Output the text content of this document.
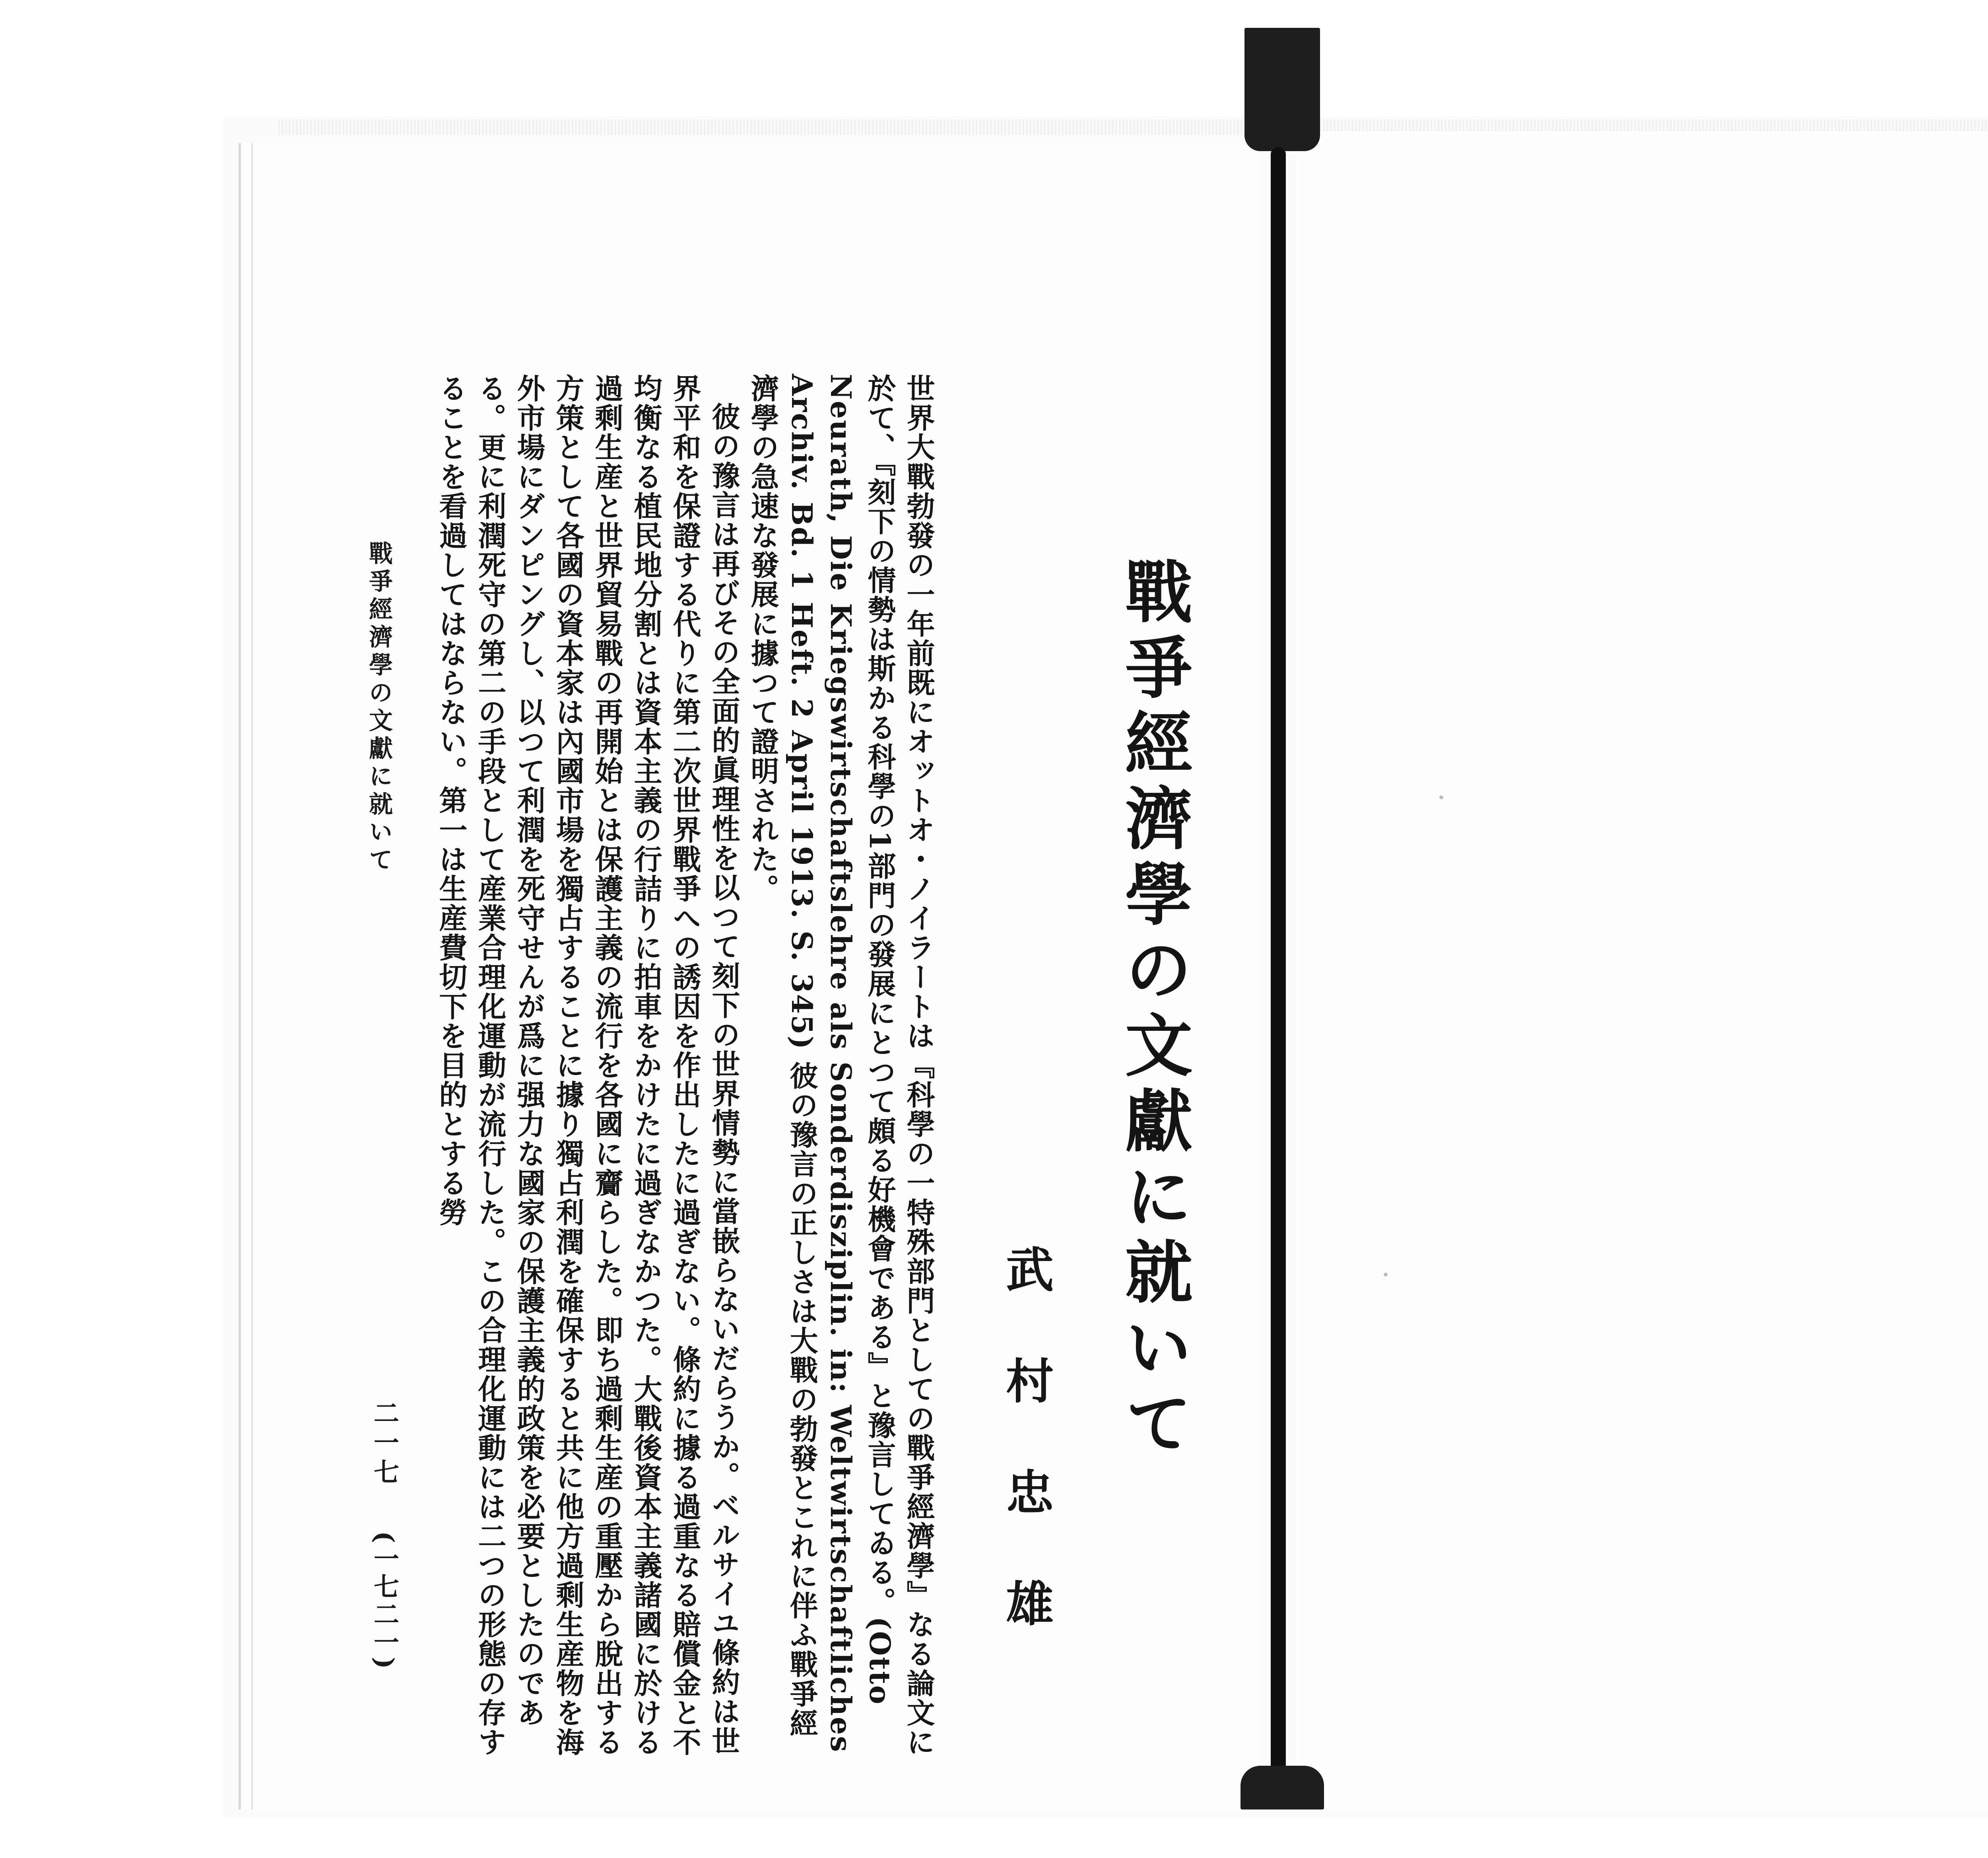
戰爭經濟學の文獻に就いて
武村忠雄

世界大戰勃發の一年前既にオットオ・ノイラートは『科學の一特殊部門としての戰爭經濟學』なる論文に於て、『刻下の情勢は斯かる科學の1部門の發展にとつて頗る好機會である』と豫言してゐる。(Otto Neurath, Die Kriegswirtschaftslehre als Sonderdisziplin. in: Weltwirtschaftliches Archiv. Bd. 1 Heft. 2 April 1913. S. 345) 彼の豫言の正しさは大戰の勃發とこれに伴ふ戰爭經濟學の急速な發展に據つて證明された。

彼の豫言は再びその全面的眞理性を以つて刻下の世界情勢に當嵌らないだらうか。ベルサイユ條約は世界平和を保證する代りに第二次世界戰爭への誘因を作出したに過ぎない。條約に據る過重なる賠償金と不均衡なる植民地分割とは資本主義の行詰りに拍車をかけたに過ぎなかつた。大戰後資本主義諸國に於ける過剩生産と世界貿易戰の再開始とは保護主義の流行を各國に齎らした。即ち過剩生産の重壓から脫出する方策として各國の資本家は內國市場を獨占することに據り獨占利潤を確保すると共に他方過剩生産物を海外市場にダンピングし、以つて利潤を死守せんが爲に强力な國家の保護主義的政策を必要としたのである。更に利潤死守の第二の手段として産業合理化運動が流行した。この合理化運動には二つの形態の存することを看過してはならない。第一は生産費切下を目的とする勞

戰爭經濟學の文獻に就いて
二一七
(一七二一)
